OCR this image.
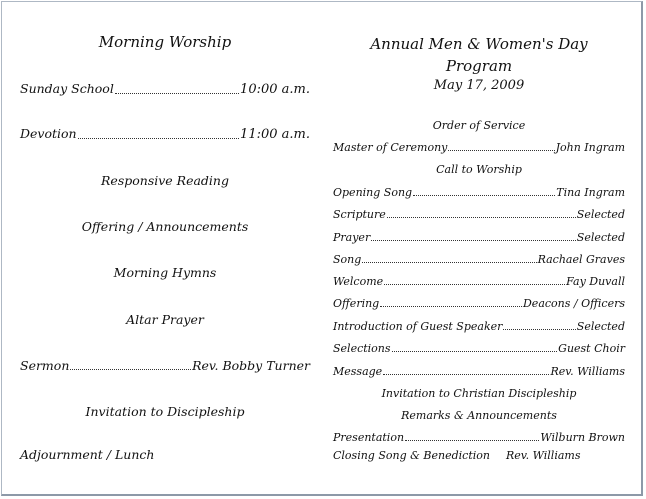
Morning Worship
Sunday School	10:00 a.m.
Devotion	11:00 a.m.
Responsive Reading
Offering / Announcements
Morning Hymns
Altar Prayer
Sermon	Rev. Bobby Turner
Invitation to Discipleship
Adjournment / Lunch
Annual Men & Women's Day
Program
May 17, 2009
Order of Service
Master of Ceremony	John Ingram
Call to Worship
Opening Song	Tina Ingram
Scripture	Selected
Prayer	Selected
Song	Rachael Graves
Welcome	Fay Duvall
Offering	Deacons / Officers
Introduction of Guest Speaker	Selected
Selections	Guest Choir
Message	Rev. Williams
Invitation to Christian Discipleship
Remarks & Announcements
Presentation	Wilburn Brown
Closing Song & Benediction Rev. Williams
